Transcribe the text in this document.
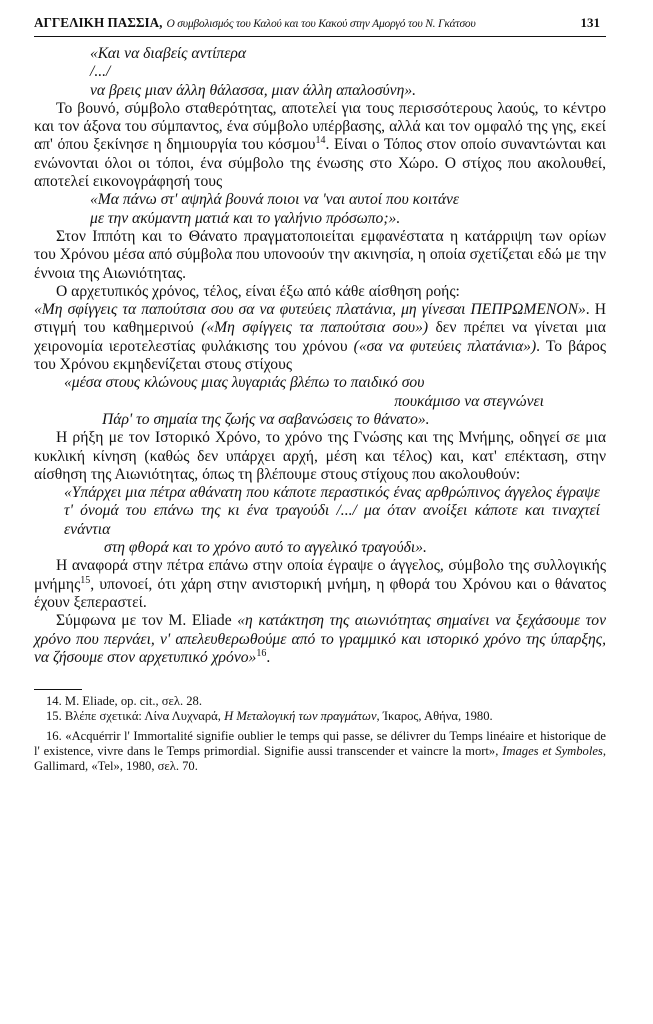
ΑΓΓΕΛΙΚΗ ΠΑΣΣΙΑ, Ο συμβολισμός του Καλού και του Κακού στην Αμοργό του Ν. Γκάτσου	131

«Και να διαβείς αντίπερα

/.../

να βρεις μιαν άλλη θάλασσα, μιαν άλλη απαλοσύνη».

Το βουνό, σύμβολο σταθερότητας, αποτελεί για τους περισσότερους λαούς, το κέντρο και τον άξονα του σύμπαντος, ένα σύμβολο υπέρβασης, αλλά και τον ομφαλό της γης, εκεί απ' όπου ξεκίνησε η δημιουργία του κόσμου$^{14}$. Είναι ο Τόπος στον οποίο συναντώνται και ενώνονται όλοι οι τόποι, ένα σύμβολο της ένωσης στο Χώρο. Ο στίχος που ακολουθεί, αποτελεί εικονογράφησή τους

«Μα πάνω στ' αψηλά βουνά ποιοι να 'ναι αυτοί που κοιτάνε

με την ακύμαντη ματιά και το γαλήνιο πρόσωπο;».

Στον Ιππότη και το Θάνατο πραγματοποιείται εμφανέστατα η κατάρριψη των ορίων του Χρόνου μέσα από σύμβολα που υπονοούν την ακινησία, η οποία σχετίζεται εδώ με την έννοια της Αιωνιότητας.

Ο αρχετυπικός χρόνος, τέλος, είναι έξω από κάθε αίσθηση ροής:

«Μη σφίγγεις τα παπούτσια σου σα να φυτεύεις πλατάνια, μη γίνεσαι ΠΕΠΡΩΜΕΝΟΝ». Η στιγμή του καθημερινού («Μη σφίγγεις τα παπούτσια σου») δεν πρέπει να γίνεται μια χειρονομία ιεροτελεστίας φυλάκισης του χρόνου («σα να φυτεύεις πλατάνια»). Το βάρος του Χρόνου εκμηδενίζεται στους στίχους

«μέσα στους κλώνους μιας λυγαριάς βλέπω το παιδικό σου

πουκάμισο να στεγνώνει

Πάρ' το σημαία της ζωής να σαβανώσεις το θάνατο».

Η ρήξη με τον Ιστορικό Χρόνο, το χρόνο της Γνώσης και της Μνήμης, οδηγεί σε μια κυκλική κίνηση (καθώς δεν υπάρχει αρχή, μέση και τέλος) και, κατ' επέκταση, στην αίσθηση της Αιωνιότητας, όπως τη βλέπουμε στους στίχους που ακολουθούν:

«Υπάρχει μια πέτρα αθάνατη που κάποτε περαστικός ένας αρθρώπινος άγγελος έγραψε τ' όνομά του επάνω της κι ένα τραγούδι /.../ μα όταν ανοίξει κάποτε και τιναχτεί ενάντια

στη φθορά και το χρόνο αυτό το αγγελικό τραγούδι».

Η αναφορά στην πέτρα επάνω στην οποία έγραψε ο άγγελος, σύμβολο της συλλογικής μνήμης$^{15}$, υπονοεί, ότι χάρη στην ανιστορική μνήμη, η φθορά του Χρόνου και ο θάνατος έχουν ξεπεραστεί.

Σύμφωνα με τον M. Eliade «η κατάκτηση της αιωνιότητας σημαίνει να ξεχάσουμε τον χρόνο που περνάει, ν' απελευθερωθούμε από το γραμμικό και ιστορικό χρόνο της ύπαρξης, να ζήσουμε στον αρχετυπικό χρόνο»$^{16}$.

14. M. Eliade, op. cit., σελ. 28.

15. Βλέπε σχετικά: Λίνα Λυχναρά, Η Μεταλογική των πραγμάτων, Ίκαρος, Αθήνα, 1980.

16. «Acquérrir l' Immortalité signifie oublier le temps qui passe, se délivrer du Temps linéaire et historique de l' existence, vivre dans le Temps primordial. Signifie aussi transcender et vaincre la mort», Images et Symboles, Gallimard, «Tel», 1980, σελ. 70.
